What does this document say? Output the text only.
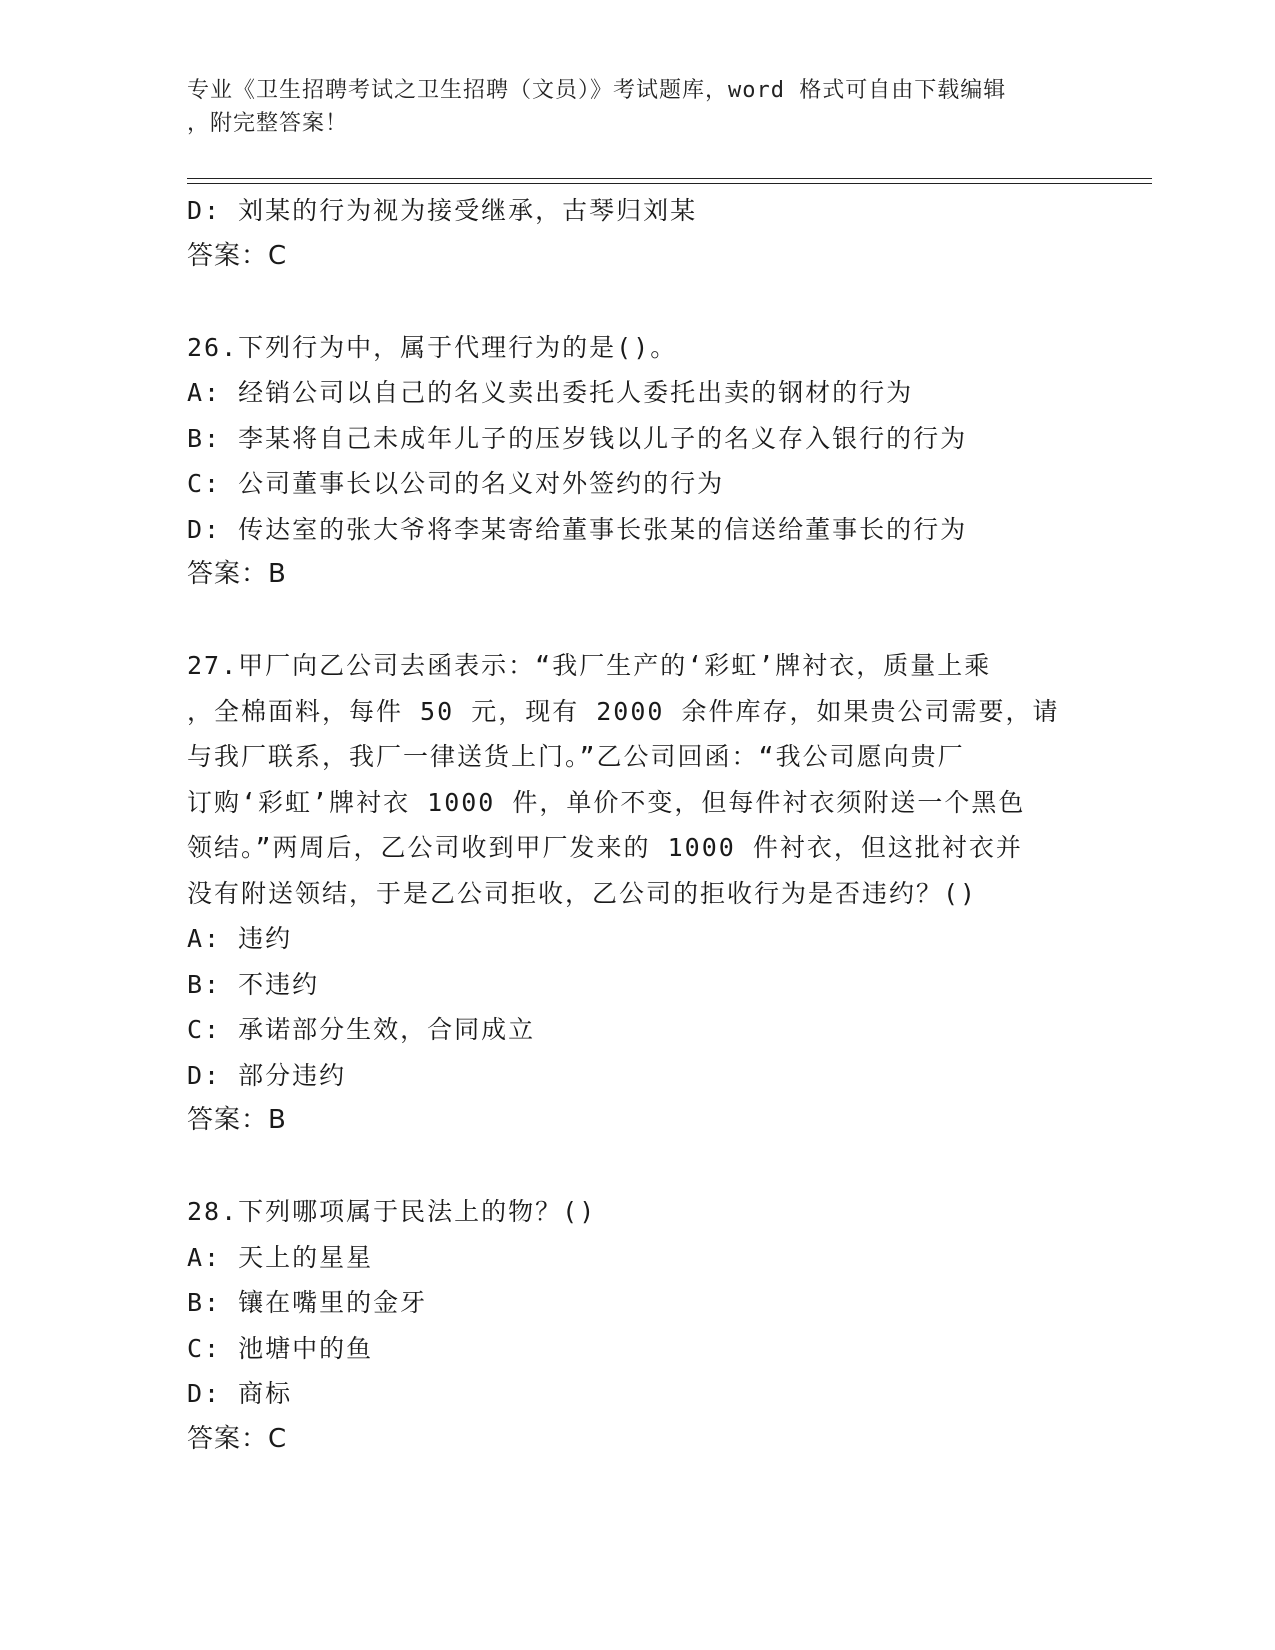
专业《卫生招聘考试之卫生招聘（文员）》考试题库，word 格式可自由下载编辑
，附完整答案！
D: 刘某的行为视为接受继承，古琴归刘某
答案：C
26.下列行为中，属于代理行为的是()。
A: 经销公司以自己的名义卖出委托人委托出卖的钢材的行为
B: 李某将自己未成年儿子的压岁钱以儿子的名义存入银行的行为
C: 公司董事长以公司的名义对外签约的行为
D: 传达室的张大爷将李某寄给董事长张某的信送给董事长的行为
答案：B
27.甲厂向乙公司去函表示：“我厂生产的‘彩虹’牌衬衣，质量上乘
，全棉面料，每件 50 元，现有 2000 余件库存，如果贵公司需要，请
与我厂联系，我厂一律送货上门。”乙公司回函：“我公司愿向贵厂
订购‘彩虹’牌衬衣 1000 件，单价不变，但每件衬衣须附送一个黑色
领结。”两周后，乙公司收到甲厂发来的 1000 件衬衣，但这批衬衣并
没有附送领结，于是乙公司拒收，乙公司的拒收行为是否违约？()
A: 违约
B: 不违约
C: 承诺部分生效，合同成立
D: 部分违约
答案：B
28.下列哪项属于民法上的物？()
A: 天上的星星
B: 镶在嘴里的金牙
C: 池塘中的鱼
D: 商标
答案：C
